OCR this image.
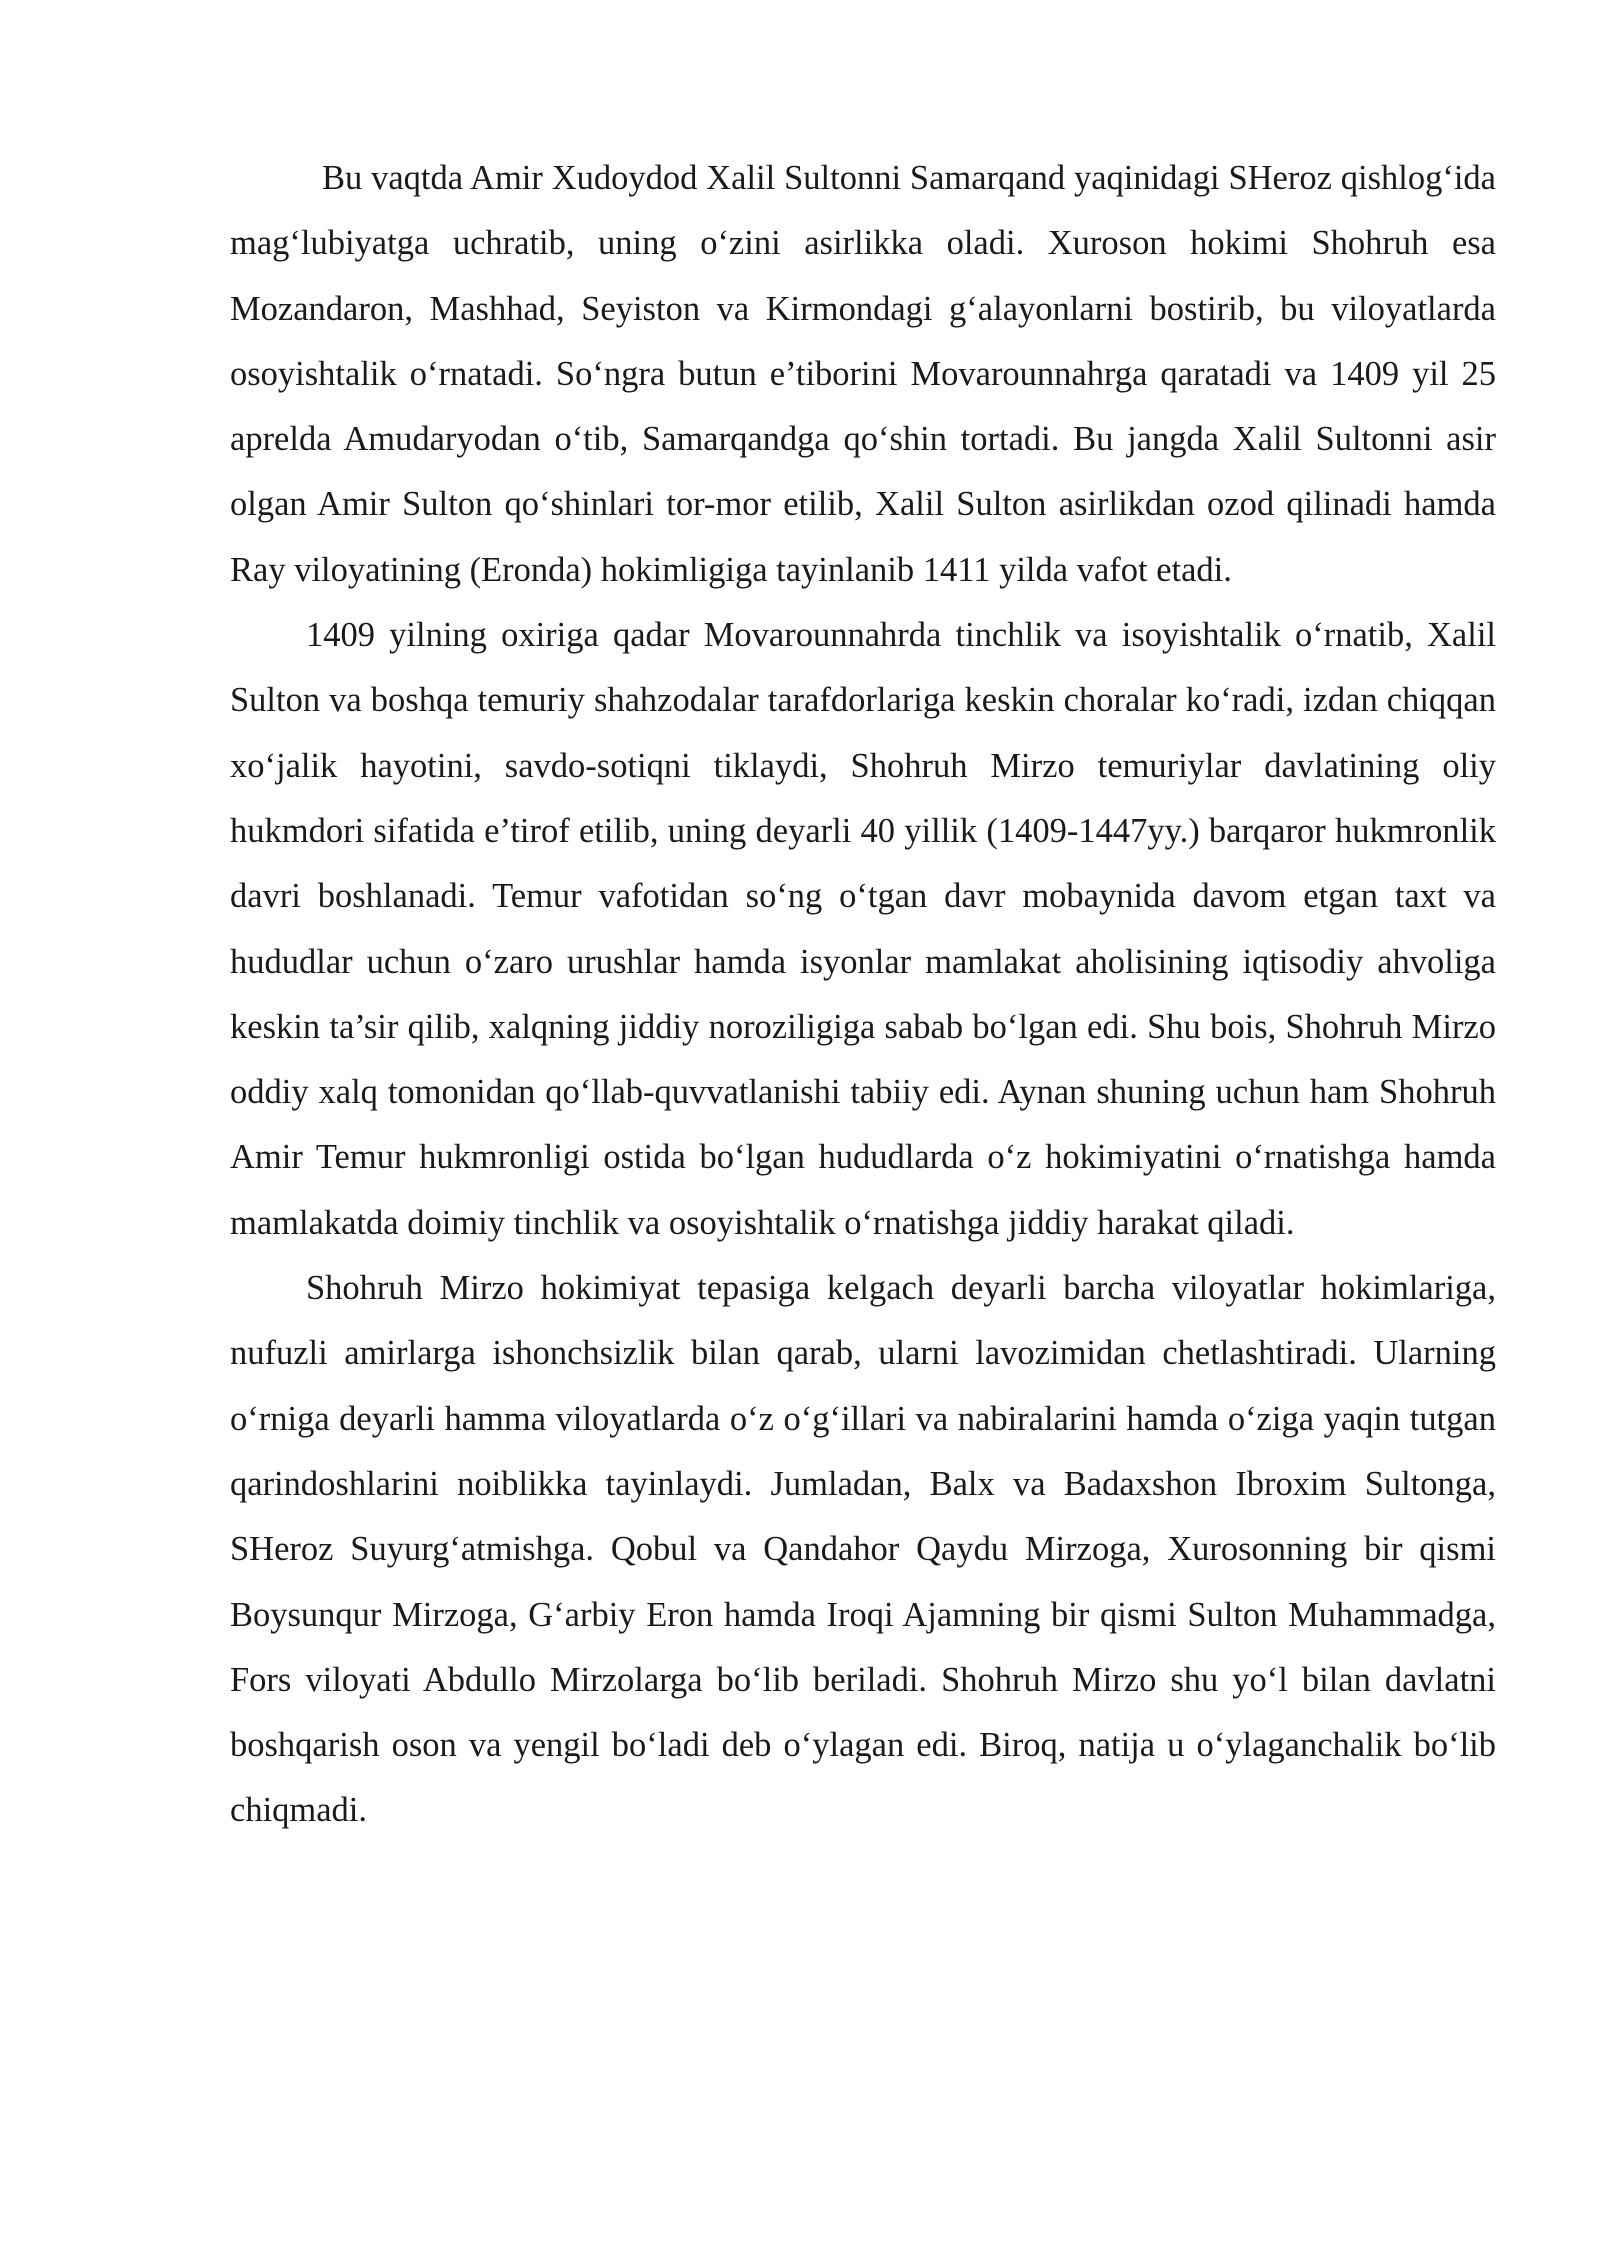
Bu vaqtda Amir Xudoydod Xalil Sultonni Samarqand yaqinidagi SHeroz qishlog‘ida mag‘lubiyatga uchratib, uning o‘zini asirlikka oladi. Xuroson hokimi Shohruh esa Mozandaron, Mashhad, Seyiston va Kirmondagi g‘alayonlarni bostirib, bu viloyatlarda osoyishtalik o‘rnatadi. So‘ngra butun e’tiborini Movarounnahrga qaratadi va 1409 yil 25 aprelda Amudaryodan o‘tib, Samarqandga qo‘shin tortadi. Bu jangda Xalil Sultonni asir olgan Amir Sulton qo‘shinlari tor-mor etilib, Xalil Sulton asirlikdan ozod qilinadi hamda Ray viloyatining (Eronda) hokimligiga tayinlanib 1411 yilda vafot etadi.

1409 yilning oxiriga qadar Movarounnahrda tinchlik va isoyishtalik o‘rnatib, Xalil Sulton va boshqa temuriy shahzodalar tarafdorlariga keskin choralar ko‘radi, izdan chiqqan xo‘jalik hayotini, savdo-sotiqni tiklaydi, Shohruh Mirzo temuriylar davlatining oliy hukmdori sifatida e’tirof etilib, uning deyarli 40 yillik (1409-1447yy.) barqaror hukmronlik davri boshlanadi. Temur vafotidan so‘ng o‘tgan davr mobaynida davom etgan taxt va hududlar uchun o‘zaro urushlar hamda isyonlar mamlakat aholisining iqtisodiy ahvoliga keskin ta’sir qilib, xalqning jiddiy noroziligiga sabab bo‘lgan edi. Shu bois, Shohruh Mirzo oddiy xalq tomonidan qo‘llab-quvvatlanishi tabiiy edi. Aynan shuning uchun ham Shohruh Amir Temur hukmronligi ostida bo‘lgan hududlarda o‘z hokimiyatini o‘rnatishga hamda mamlakatda doimiy tinchlik va osoyishtalik o‘rnatishga jiddiy harakat qiladi.

Shohruh Mirzo hokimiyat tepasiga kelgach deyarli barcha viloyatlar hokimlariga, nufuzli amirlarga ishonchsizlik bilan qarab, ularni lavozimidan chetlashtiradi. Ularning o‘rniga deyarli hamma viloyatlarda o‘z o‘g‘illari va nabiralarini hamda o‘ziga yaqin tutgan qarindoshlarini noiblikka tayinlaydi. Jumladan, Balx va Badaxshon Ibroxim Sultonga, SHeroz Suyurg‘atmishga. Qobul va Qandahor Qaydu Mirzoga, Xurosonning bir qismi Boysunqur Mirzoga, G‘arbiy Eron hamda Iroqi Ajamning bir qismi Sulton Muhammadga, Fors viloyati Abdullo Mirzolarga bo‘lib beriladi. Shohruh Mirzo shu yo‘l bilan davlatni boshqarish oson va yengil bo‘ladi deb o‘ylagan edi. Biroq, natija u o‘ylaganchalik bo‘lib chiqmadi.
